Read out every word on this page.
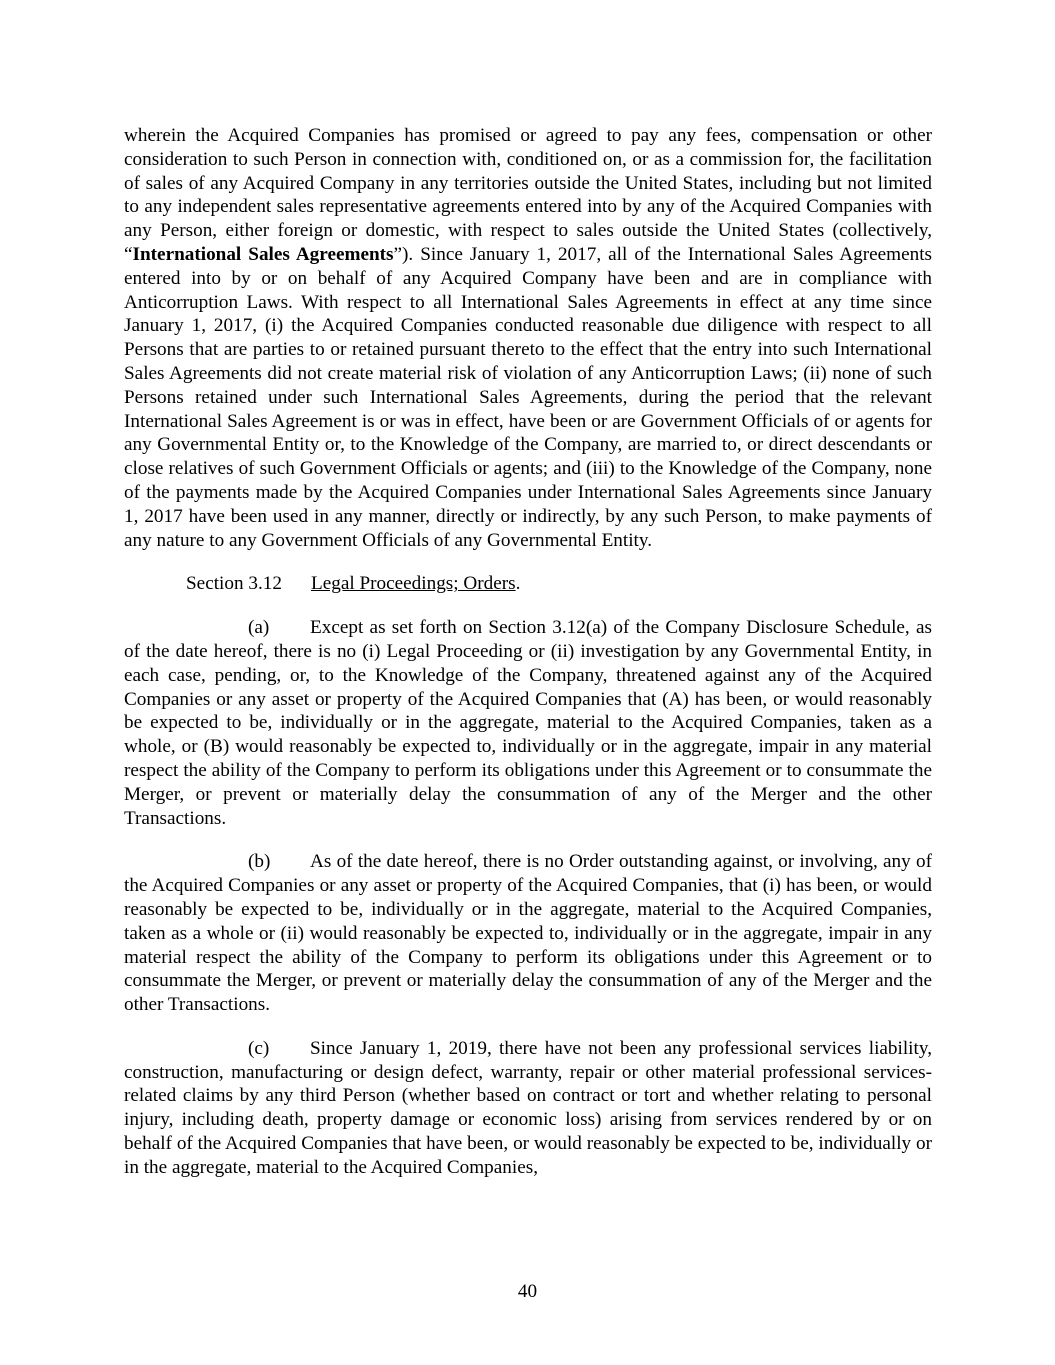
wherein the Acquired Companies has promised or agreed to pay any fees, compensation or other consideration to such Person in connection with, conditioned on, or as a commission for, the facilitation of sales of any Acquired Company in any territories outside the United States, including but not limited to any independent sales representative agreements entered into by any of the Acquired Companies with any Person, either foreign or domestic, with respect to sales outside the United States (collectively, “International Sales Agreements”). Since January 1, 2017, all of the International Sales Agreements entered into by or on behalf of any Acquired Company have been and are in compliance with Anticorruption Laws. With respect to all International Sales Agreements in effect at any time since January 1, 2017, (i) the Acquired Companies conducted reasonable due diligence with respect to all Persons that are parties to or retained pursuant thereto to the effect that the entry into such International Sales Agreements did not create material risk of violation of any Anticorruption Laws; (ii) none of such Persons retained under such International Sales Agreements, during the period that the relevant International Sales Agreement is or was in effect, have been or are Government Officials of or agents for any Governmental Entity or, to the Knowledge of the Company, are married to, or direct descendants or close relatives of such Government Officials or agents; and (iii) to the Knowledge of the Company, none of the payments made by the Acquired Companies under International Sales Agreements since January 1, 2017 have been used in any manner, directly or indirectly, by any such Person, to make payments of any nature to any Government Officials of any Governmental Entity.

Section 3.12 Legal Proceedings; Orders.

(a) Except as set forth on Section 3.12(a) of the Company Disclosure Schedule, as of the date hereof, there is no (i) Legal Proceeding or (ii) investigation by any Governmental Entity, in each case, pending, or, to the Knowledge of the Company, threatened against any of the Acquired Companies or any asset or property of the Acquired Companies that (A) has been, or would reasonably be expected to be, individually or in the aggregate, material to the Acquired Companies, taken as a whole, or (B) would reasonably be expected to, individually or in the aggregate, impair in any material respect the ability of the Company to perform its obligations under this Agreement or to consummate the Merger, or prevent or materially delay the consummation of any of the Merger and the other Transactions.

(b) As of the date hereof, there is no Order outstanding against, or involving, any of the Acquired Companies or any asset or property of the Acquired Companies, that (i) has been, or would reasonably be expected to be, individually or in the aggregate, material to the Acquired Companies, taken as a whole or (ii) would reasonably be expected to, individually or in the aggregate, impair in any material respect the ability of the Company to perform its obligations under this Agreement or to consummate the Merger, or prevent or materially delay the consummation of any of the Merger and the other Transactions.

(c) Since January 1, 2019, there have not been any professional services liability, construction, manufacturing or design defect, warranty, repair or other material professional services-related claims by any third Person (whether based on contract or tort and whether relating to personal injury, including death, property damage or economic loss) arising from services rendered by or on behalf of the Acquired Companies that have been, or would reasonably be expected to be, individually or in the aggregate, material to the Acquired Companies,

40
